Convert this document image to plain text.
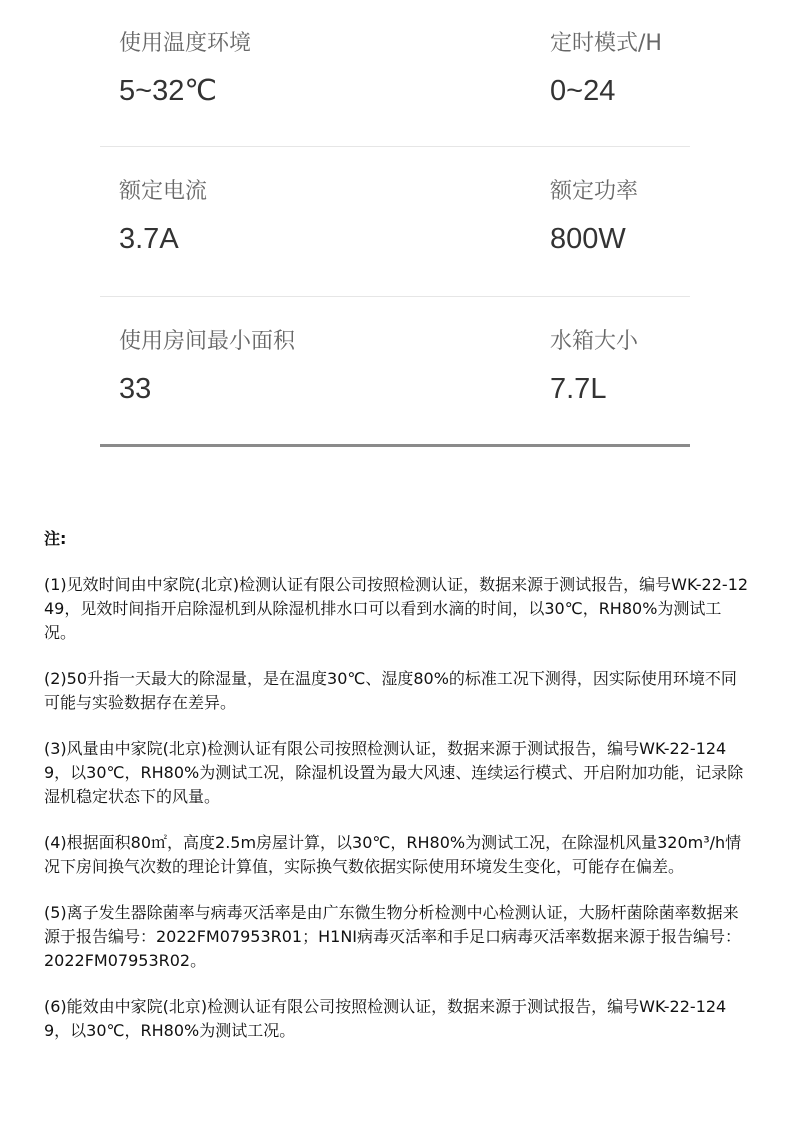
使用温度环境
5~32℃
定时模式/H
0~24
额定电流
3.7A
额定功率
800W
使用房间最小面积
33
水箱大小
7.7L
注:

(1)见效时间由中家院(北京)检测认证有限公司按照检测认证，数据来源于测试报告，编号WK-22-1249，见效时间指开启除湿机到从除湿机排水口可以看到水滴的时间，以30℃，RH80%为测试工况。

(2)50升指一天最大的除湿量，是在温度30℃、湿度80%的标准工况下测得，因实际使用环境不同可能与实验数据存在差异。

(3)风量由中家院(北京)检测认证有限公司按照检测认证，数据来源于测试报告，编号WK-22-1249，以30℃，RH80%为测试工况，除湿机设置为最大风速、连续运行模式、开启附加功能，记录除湿机稳定状态下的风量。

(4)根据面积80㎡，高度2.5m房屋计算，以30℃，RH80%为测试工况，在除湿机风量320m³/h情况下房间换气次数的理论计算值，实际换气数依据实际使用环境发生变化，可能存在偏差。

(5)离子发生器除菌率与病毒灭活率是由广东微生物分析检测中心检测认证，大肠杆菌除菌率数据来源于报告编号：2022FM07953R01；H1NI病毒灭活率和手足口病毒灭活率数据来源于报告编号：2022FM07953R02。

(6)能效由中家院(北京)检测认证有限公司按照检测认证，数据来源于测试报告，编号WK-22-1249，以30℃，RH80%为测试工况。
